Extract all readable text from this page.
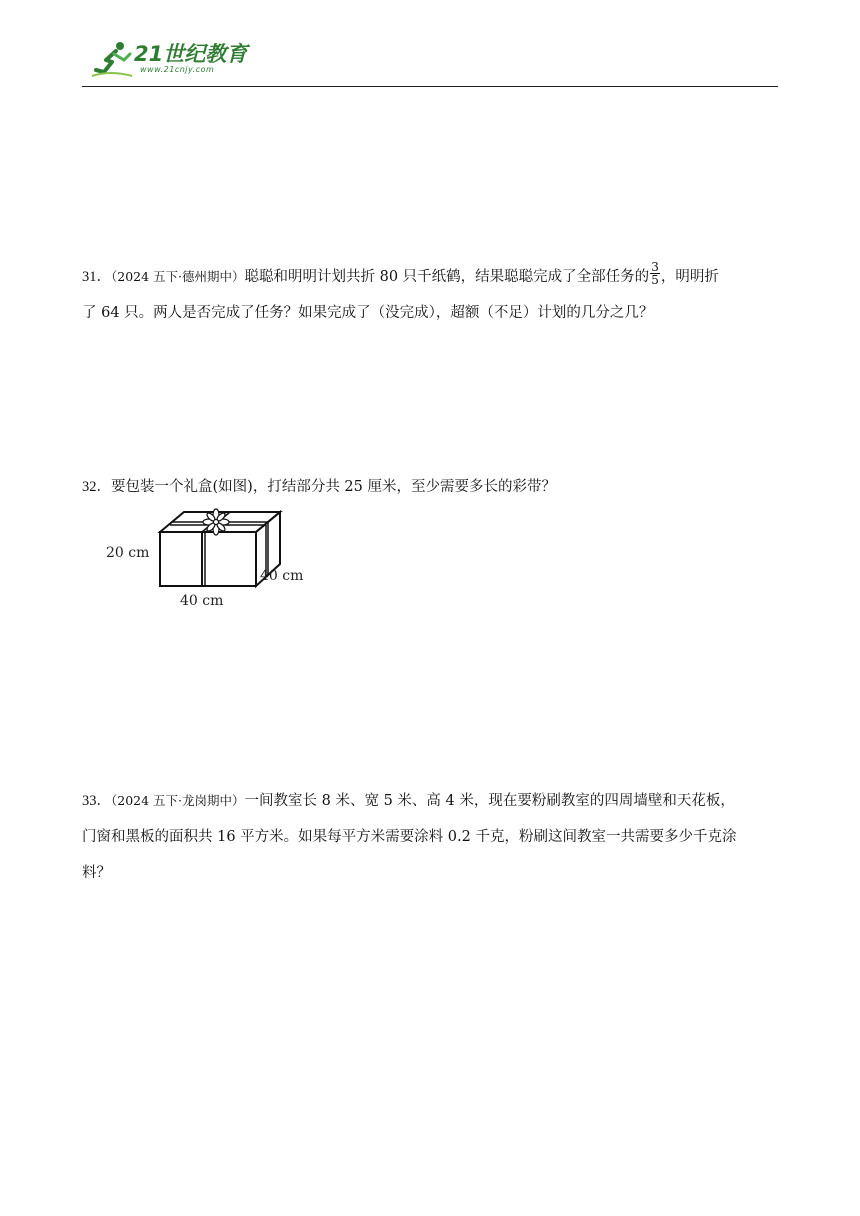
21世纪教育
www.21cnjy.com
31．（2024 五下·德州期中）聪聪和明明计划共折 80 只千纸鹤，结果聪聪完成了全部任务的 $\frac{3}{5}$ ，明明折
了 64 只。两人是否完成了任务？如果完成了（没完成），超额（不足）计划的几分之几？
32．要包装一个礼盒(如图)，打结部分共 25 厘米，至少需要多长的彩带？
20 cm
40 cm
40 cm
33．（2024 五下·龙岗期中）一间教室长 8 米、宽 5 米、高 4 米，现在要粉刷教室的四周墙壁和天花板，
门窗和黑板的面积共 16 平方米。如果每平方米需要涂料 0.2 千克，粉刷这间教室一共需要多少千克涂
料？
